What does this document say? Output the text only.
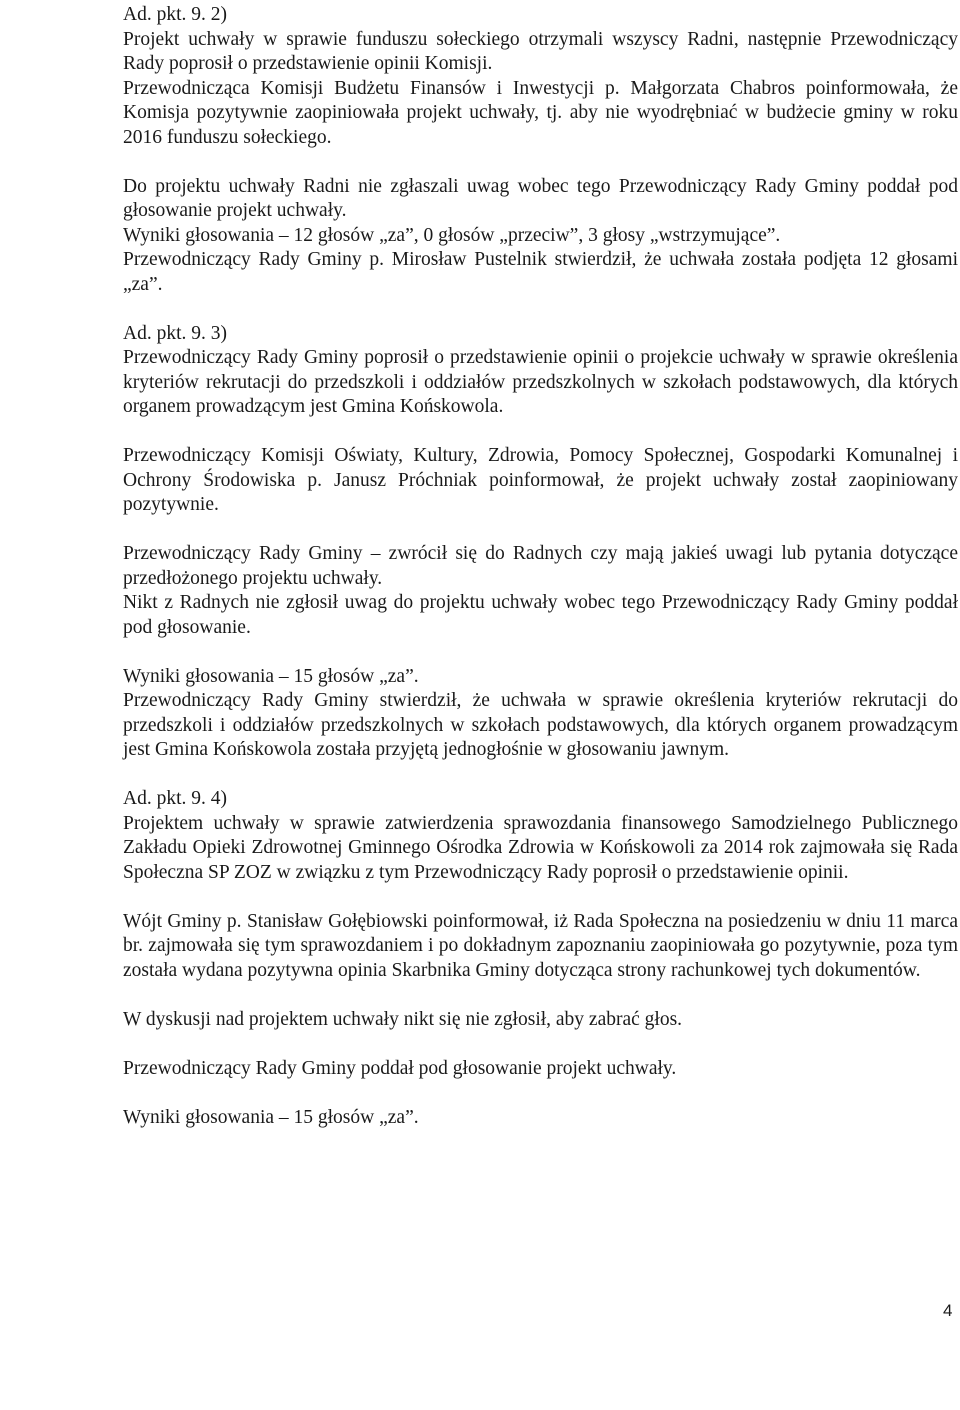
Ad. pkt. 9. 2)

Projekt uchwały w sprawie funduszu sołeckiego otrzymali wszyscy Radni, następnie Przewodniczący Rady poprosił o przedstawienie opinii Komisji.

Przewodnicząca Komisji Budżetu Finansów i Inwestycji p. Małgorzata Chabros poinformowała, że Komisja pozytywnie zaopiniowała projekt uchwały, tj. aby nie wyodrębniać w budżecie gminy w roku 2016 funduszu sołeckiego.

Do projektu uchwały Radni nie zgłaszali uwag wobec tego Przewodniczący Rady Gminy poddał pod głosowanie projekt uchwały.

Wyniki głosowania – 12 głosów „za”, 0 głosów „przeciw”, 3 głosy „wstrzymujące”.

Przewodniczący Rady Gminy p. Mirosław Pustelnik stwierdził, że uchwała została podjęta 12 głosami „za”.

Ad. pkt. 9. 3)

Przewodniczący Rady Gminy poprosił o przedstawienie opinii o projekcie uchwały w sprawie określenia kryteriów rekrutacji do przedszkoli i oddziałów przedszkolnych w szkołach podstawowych, dla których organem prowadzącym jest Gmina Końskowola.

Przewodniczący Komisji Oświaty, Kultury, Zdrowia, Pomocy Społecznej, Gospodarki Komunalnej i Ochrony Środowiska p. Janusz Próchniak poinformował, że projekt uchwały został zaopiniowany pozytywnie.

Przewodniczący Rady Gminy – zwrócił się do Radnych czy mają jakieś uwagi lub pytania dotyczące przedłożonego projektu uchwały.

Nikt z Radnych nie zgłosił uwag do projektu uchwały wobec tego Przewodniczący Rady Gminy poddał pod głosowanie.

Wyniki głosowania – 15 głosów „za”.

Przewodniczący Rady Gminy stwierdził, że uchwała w sprawie określenia kryteriów rekrutacji do przedszkoli i oddziałów przedszkolnych w szkołach podstawowych, dla których organem prowadzącym jest Gmina Końskowola została przyjętą jednogłośnie w głosowaniu jawnym.

Ad. pkt. 9. 4)

Projektem uchwały w sprawie zatwierdzenia sprawozdania finansowego Samodzielnego Publicznego Zakładu Opieki Zdrowotnej Gminnego Ośrodka Zdrowia w Końskowoli za 2014 rok zajmowała się Rada Społeczna SP ZOZ w związku z tym Przewodniczący Rady poprosił o przedstawienie opinii.

Wójt Gminy p. Stanisław Gołębiowski poinformował, iż Rada Społeczna na posiedzeniu w dniu 11 marca br. zajmowała się tym sprawozdaniem i po dokładnym zapoznaniu zaopiniowała go pozytywnie, poza tym została wydana pozytywna opinia Skarbnika Gminy dotycząca strony rachunkowej tych dokumentów.

W dyskusji nad projektem uchwały nikt się nie zgłosił, aby zabrać głos.

Przewodniczący Rady Gminy poddał pod głosowanie projekt uchwały.

Wyniki głosowania – 15 głosów „za”.

4
